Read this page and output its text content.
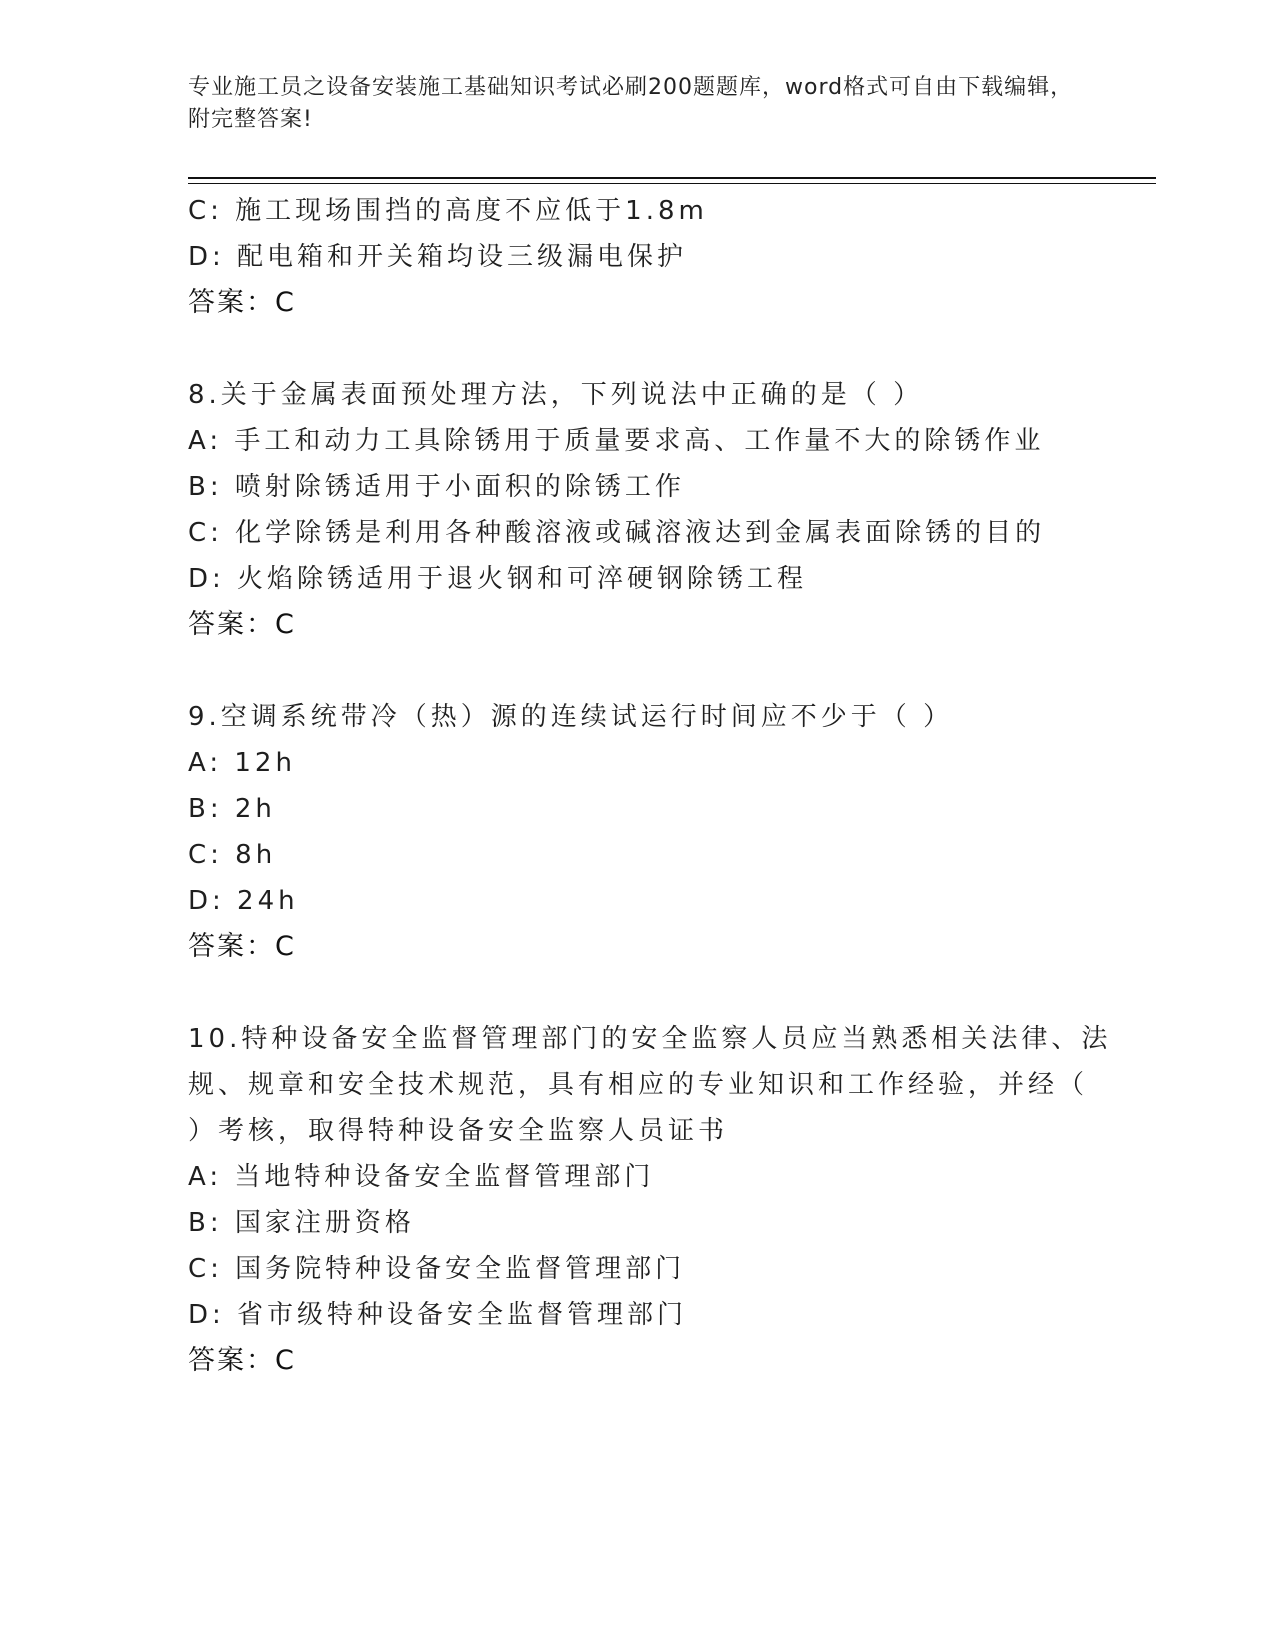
专业施工员之设备安装施工基础知识考试必刷200题题库，word格式可自由下载编辑，附完整答案!
C: 施工现场围挡的高度不应低于1.8m
D: 配电箱和开关箱均设三级漏电保护
答案：C
8.关于金属表面预处理方法，下列说法中正确的是（ ）
A: 手工和动力工具除锈用于质量要求高、工作量不大的除锈作业
B: 喷射除锈适用于小面积的除锈工作
C: 化学除锈是利用各种酸溶液或碱溶液达到金属表面除锈的目的
D: 火焰除锈适用于退火钢和可淬硬钢除锈工程
答案：C
9.空调系统带冷（热）源的连续试运行时间应不少于（ ）
A: 12h
B: 2h
C: 8h
D: 24h
答案：C
10.特种设备安全监督管理部门的安全监察人员应当熟悉相关法律、法
规、规章和安全技术规范，具有相应的专业知识和工作经验，并经（
）考核，取得特种设备安全监察人员证书
A: 当地特种设备安全监督管理部门
B: 国家注册资格
C: 国务院特种设备安全监督管理部门
D: 省市级特种设备安全监督管理部门
答案：C
